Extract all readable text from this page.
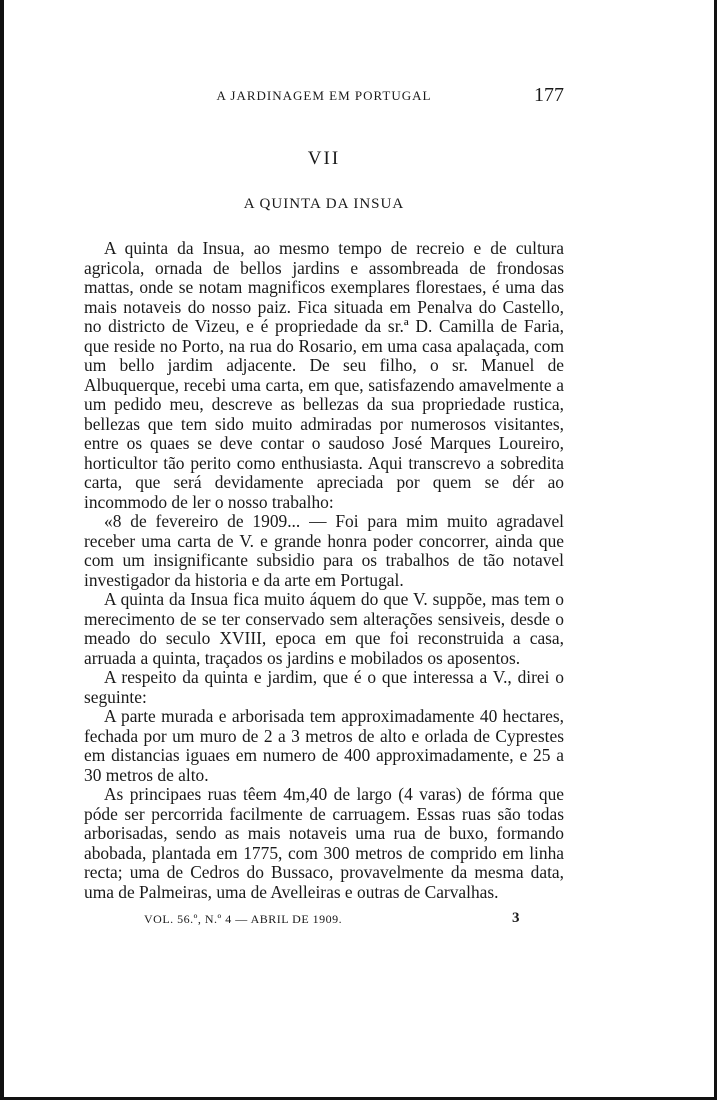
A JARDINAGEM EM PORTUGAL	177
VII
A QUINTA DA INSUA

A quinta da Insua, ao mesmo tempo de recreio e de cultura agricola, ornada de bellos jardins e assombreada de frondosas mattas, onde se notam magnificos exemplares florestaes, é uma das mais notaveis do nosso paiz. Fica situada em Penalva do Castello, no districto de Vizeu, e é propriedade da sr.ª D. Camilla de Faria, que reside no Porto, na rua do Rosario, em uma casa apalaçada, com um bello jardim adjacente. De seu filho, o sr. Manuel de Albuquerque, recebi uma carta, em que, satisfazendo amavelmente a um pedido meu, descreve as bellezas da sua propriedade rustica, bellezas que tem sido muito admiradas por numerosos visitantes, entre os quaes se deve contar o saudoso José Marques Loureiro, horticultor tão perito como enthusiasta. Aqui transcrevo a sobredita carta, que será devidamente apreciada por quem se dér ao incommodo de ler o nosso trabalho:

«8 de fevereiro de 1909... — Foi para mim muito agradavel receber uma carta de V. e grande honra poder concorrer, ainda que com um insignificante subsidio para os trabalhos de tão notavel investigador da historia e da arte em Portugal.

A quinta da Insua fica muito áquem do que V. suppõe, mas tem o merecimento de se ter conservado sem alterações sensiveis, desde o meado do seculo XVIII, epoca em que foi reconstruida a casa, arruada a quinta, traçados os jardins e mobilados os aposentos.

A respeito da quinta e jardim, que é o que interessa a V., direi o seguinte:

A parte murada e arborisada tem approximadamente 40 hectares, fechada por um muro de 2 a 3 metros de alto e orlada de Cyprestes em distancias iguaes em numero de 400 approximadamente, e 25 a 30 metros de alto.

As principaes ruas têem 4m,40 de largo (4 varas) de fórma que póde ser percorrida facilmente de carruagem. Essas ruas são todas arborisadas, sendo as mais notaveis uma rua de buxo, formando abobada, plantada em 1775, com 300 metros de comprido em linha recta; uma de Cedros do Bussaco, provavelmente da mesma data, uma de Palmeiras, uma de Avelleiras e outras de Carvalhas.

VOL. 56.º, N.º 4 — ABRIL DE 1909.	3
